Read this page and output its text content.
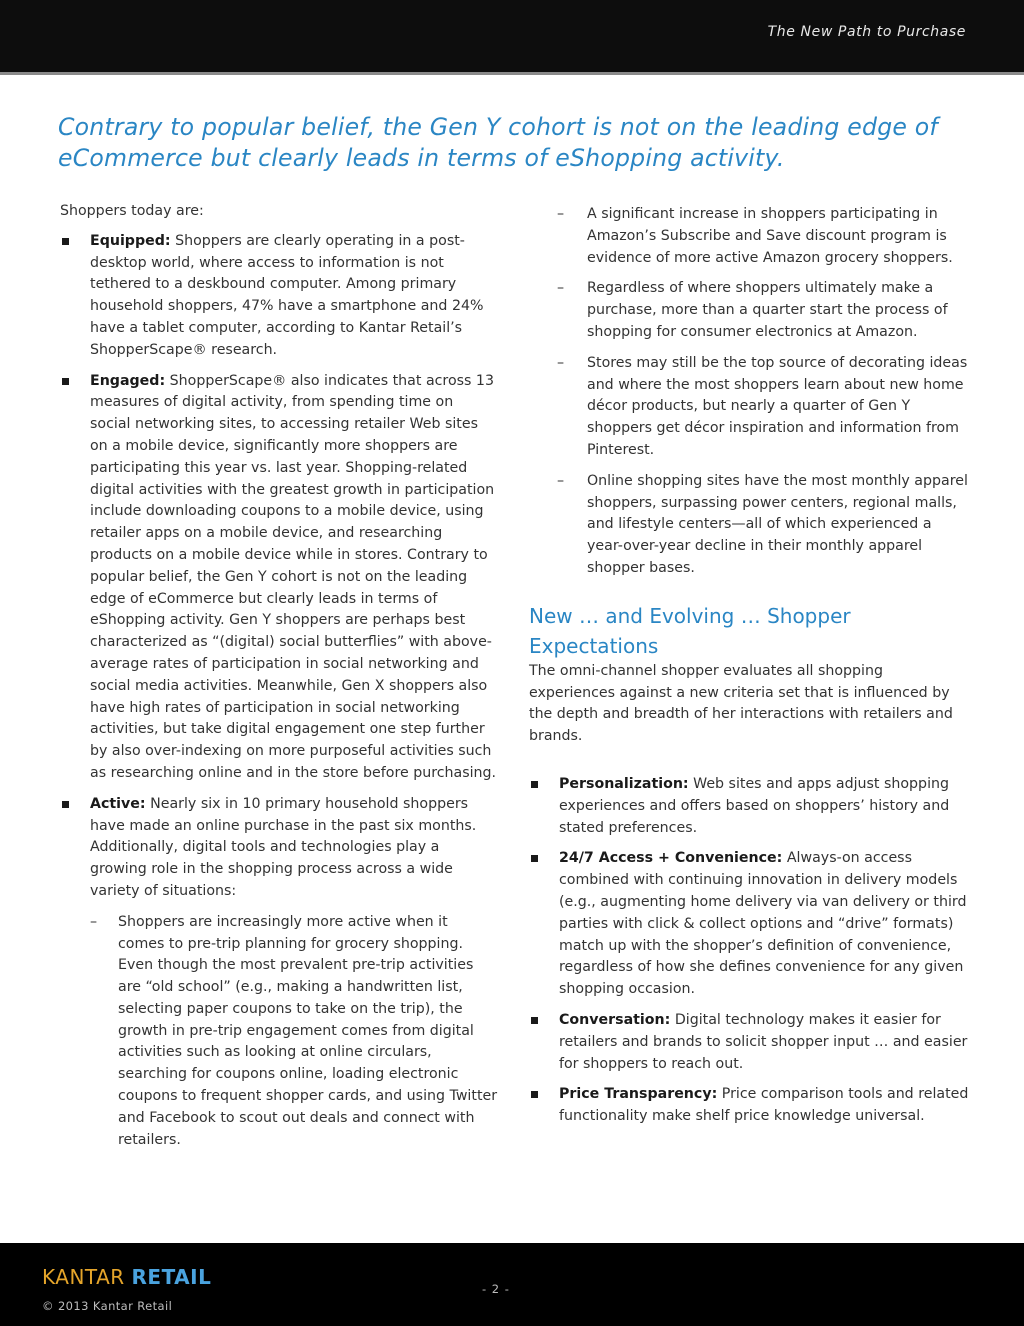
The New Path to Purchase
Contrary to popular belief, the Gen Y cohort is not on the leading edge of eCommerce but clearly leads in terms of eShopping activity.

Shoppers today are:

Equipped: Shoppers are clearly operating in a post-desktop world, where access to information is not tethered to a deskbound computer. Among primary household shoppers, 47% have a smartphone and 24% have a tablet computer, according to Kantar Retail’s ShopperScape® research.
Engaged: ShopperScape® also indicates that across 13 measures of digital activity, from spending time on social networking sites, to accessing retailer Web sites on a mobile device, significantly more shoppers are participating this year vs. last year. Shopping-related digital activities with the greatest growth in participation include downloading coupons to a mobile device, using retailer apps on a mobile device, and researching products on a mobile device while in stores. Contrary to popular belief, the Gen Y cohort is not on the leading edge of eCommerce but clearly leads in terms of eShopping activity. Gen Y shoppers are perhaps best characterized as “(digital) social butterflies” with above-average rates of participation in social networking and social media activities. Meanwhile, Gen X shoppers also have high rates of participation in social networking activities, but take digital engagement one step further by also over-indexing on more purposeful activities such as researching online and in the store before purchasing.
Active: Nearly six in 10 primary household shoppers have made an online purchase in the past six months. Additionally, digital tools and technologies play a growing role in the shopping process across a wide variety of situations:
– Shoppers are increasingly more active when it comes to pre-trip planning for grocery shopping. Even though the most prevalent pre-trip activities are “old school” (e.g., making a handwritten list, selecting paper coupons to take on the trip), the growth in pre-trip engagement comes from digital activities such as looking at online circulars, searching for coupons online, loading electronic coupons to frequent shopper cards, and using Twitter and Facebook to scout out deals and connect with retailers.
– A significant increase in shoppers participating in Amazon’s Subscribe and Save discount program is evidence of more active Amazon grocery shoppers.
– Regardless of where shoppers ultimately make a purchase, more than a quarter start the process of shopping for consumer electronics at Amazon.
– Stores may still be the top source of decorating ideas and where the most shoppers learn about new home décor products, but nearly a quarter of Gen Y shoppers get décor inspiration and information from Pinterest.
– Online shopping sites have the most monthly apparel shoppers, surpassing power centers, regional malls, and lifestyle centers—all of which experienced a year-over-year decline in their monthly apparel shopper bases.
New … and Evolving … Shopper Expectations

The omni-channel shopper evaluates all shopping experiences against a new criteria set that is influenced by the depth and breadth of her interactions with retailers and brands.

Personalization: Web sites and apps adjust shopping experiences and offers based on shoppers’ history and stated preferences.
24/7 Access + Convenience: Always-on access combined with continuing innovation in delivery models (e.g., augmenting home delivery via van delivery or third parties with click & collect options and “drive” formats) match up with the shopper’s definition of convenience, regardless of how she defines convenience for any given shopping occasion.
Conversation: Digital technology makes it easier for retailers and brands to solicit shopper input … and easier for shoppers to reach out.
Price Transparency: Price comparison tools and related functionality make shelf price knowledge universal.
KANTAR RETAIL
© 2013 Kantar Retail
- 2 -
